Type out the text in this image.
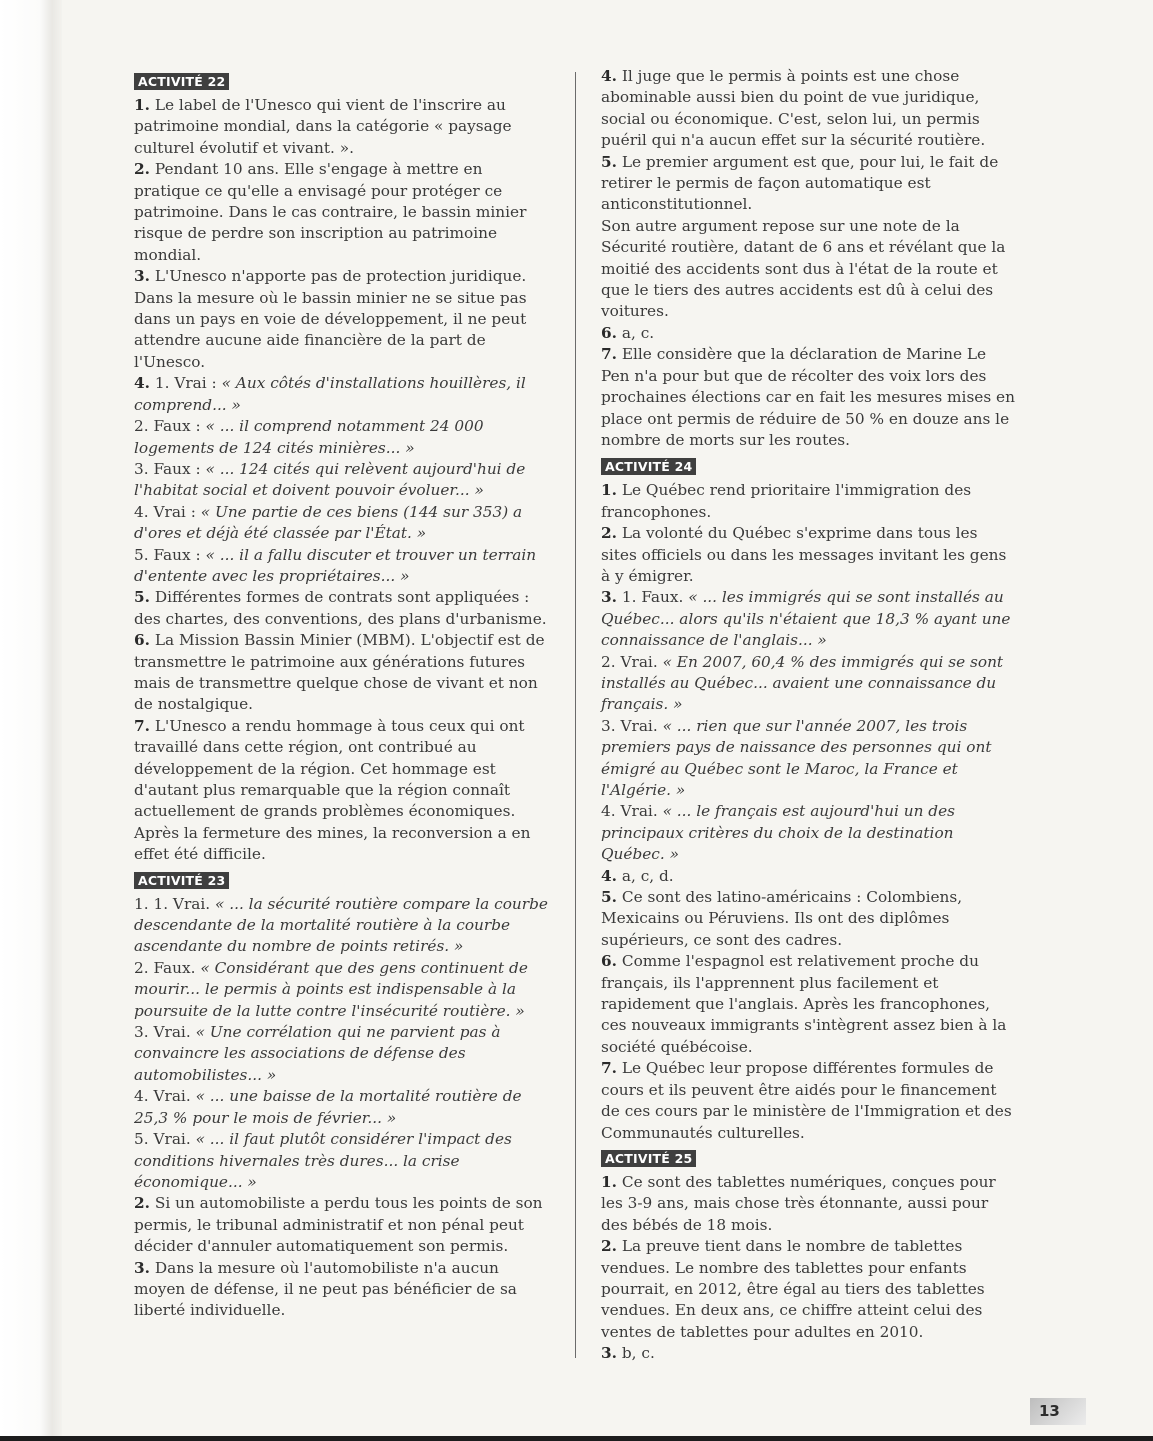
ACTIVITÉ 22

1. Le label de l'Unesco qui vient de l'inscrire au patrimoine mondial, dans la catégorie « paysage culturel évolutif et vivant. ».

2. Pendant 10 ans. Elle s'engage à mettre en pratique ce qu'elle a envisagé pour protéger ce patrimoine. Dans le cas contraire, le bassin minier risque de perdre son inscription au patrimoine mondial.

3. L'Unesco n'apporte pas de protection juridique. Dans la mesure où le bassin minier ne se situe pas dans un pays en voie de développement, il ne peut attendre aucune aide financière de la part de l'Unesco.

4. 1. Vrai : « Aux côtés d'installations houillères, il comprend... »

2. Faux : « ... il comprend notamment 24 000 logements de 124 cités minières... »

3. Faux : « ... 124 cités qui relèvent aujourd'hui de l'habitat social et doivent pouvoir évoluer... »

4. Vrai : « Une partie de ces biens (144 sur 353) a d'ores et déjà été classée par l'État. »

5. Faux : « ... il a fallu discuter et trouver un terrain d'entente avec les propriétaires... »

5. Différentes formes de contrats sont appliquées : des chartes, des conventions, des plans d'urbanisme.

6. La Mission Bassin Minier (MBM). L'objectif est de transmettre le patrimoine aux générations futures mais de transmettre quelque chose de vivant et non de nostalgique.

7. L'Unesco a rendu hommage à tous ceux qui ont travaillé dans cette région, ont contribué au développement de la région. Cet hommage est d'autant plus remarquable que la région connaît actuellement de grands problèmes économiques. Après la fermeture des mines, la reconversion a en effet été difficile.

ACTIVITÉ 23

1. 1. Vrai. « ... la sécurité routière compare la courbe descendante de la mortalité routière à la courbe ascendante du nombre de points retirés. »

2. Faux. « Considérant que des gens continuent de mourir... le permis à points est indispensable à la poursuite de la lutte contre l'insécurité routière. »

3. Vrai. « Une corrélation qui ne parvient pas à convaincre les associations de défense des automobilistes... »

4. Vrai. « ... une baisse de la mortalité routière de 25,3 % pour le mois de février... »

5. Vrai. « ... il faut plutôt considérer l'impact des conditions hivernales très dures... la crise économique... »

2. Si un automobiliste a perdu tous les points de son permis, le tribunal administratif et non pénal peut décider d'annuler automatiquement son permis.

3. Dans la mesure où l'automobiliste n'a aucun moyen de défense, il ne peut pas bénéficier de sa liberté individuelle.

4. Il juge que le permis à points est une chose abominable aussi bien du point de vue juridique, social ou économique. C'est, selon lui, un permis puéril qui n'a aucun effet sur la sécurité routière.

5. Le premier argument est que, pour lui, le fait de retirer le permis de façon automatique est anticonstitutionnel.

Son autre argument repose sur une note de la Sécurité routière, datant de 6 ans et révélant que la moitié des accidents sont dus à l'état de la route et que le tiers des autres accidents est dû à celui des voitures.

6. a, c.

7. Elle considère que la déclaration de Marine Le Pen n'a pour but que de récolter des voix lors des prochaines élections car en fait les mesures mises en place ont permis de réduire de 50 % en douze ans le nombre de morts sur les routes.

ACTIVITÉ 24

1. Le Québec rend prioritaire l'immigration des francophones.

2. La volonté du Québec s'exprime dans tous les sites officiels ou dans les messages invitant les gens à y émigrer.

3. 1. Faux. « ... les immigrés qui se sont installés au Québec... alors qu'ils n'étaient que 18,3 % ayant une connaissance de l'anglais... »

2. Vrai. « En 2007, 60,4 % des immigrés qui se sont installés au Québec... avaient une connaissance du français. »

3. Vrai. « ... rien que sur l'année 2007, les trois premiers pays de naissance des personnes qui ont émigré au Québec sont le Maroc, la France et l'Algérie. »

4. Vrai. « ... le français est aujourd'hui un des principaux critères du choix de la destination Québec. »

4. a, c, d.

5. Ce sont des latino-américains : Colombiens, Mexicains ou Péruviens. Ils ont des diplômes supérieurs, ce sont des cadres.

6. Comme l'espagnol est relativement proche du français, ils l'apprennent plus facilement et rapidement que l'anglais. Après les francophones, ces nouveaux immigrants s'intègrent assez bien à la société québécoise.

7. Le Québec leur propose différentes formules de cours et ils peuvent être aidés pour le financement de ces cours par le ministère de l'Immigration et des Communautés culturelles.

ACTIVITÉ 25

1. Ce sont des tablettes numériques, conçues pour les 3-9 ans, mais chose très étonnante, aussi pour des bébés de 18 mois.

2. La preuve tient dans le nombre de tablettes vendues. Le nombre des tablettes pour enfants pourrait, en 2012, être égal au tiers des tablettes vendues. En deux ans, ce chiffre atteint celui des ventes de tablettes pour adultes en 2010.

3. b, c.

13
